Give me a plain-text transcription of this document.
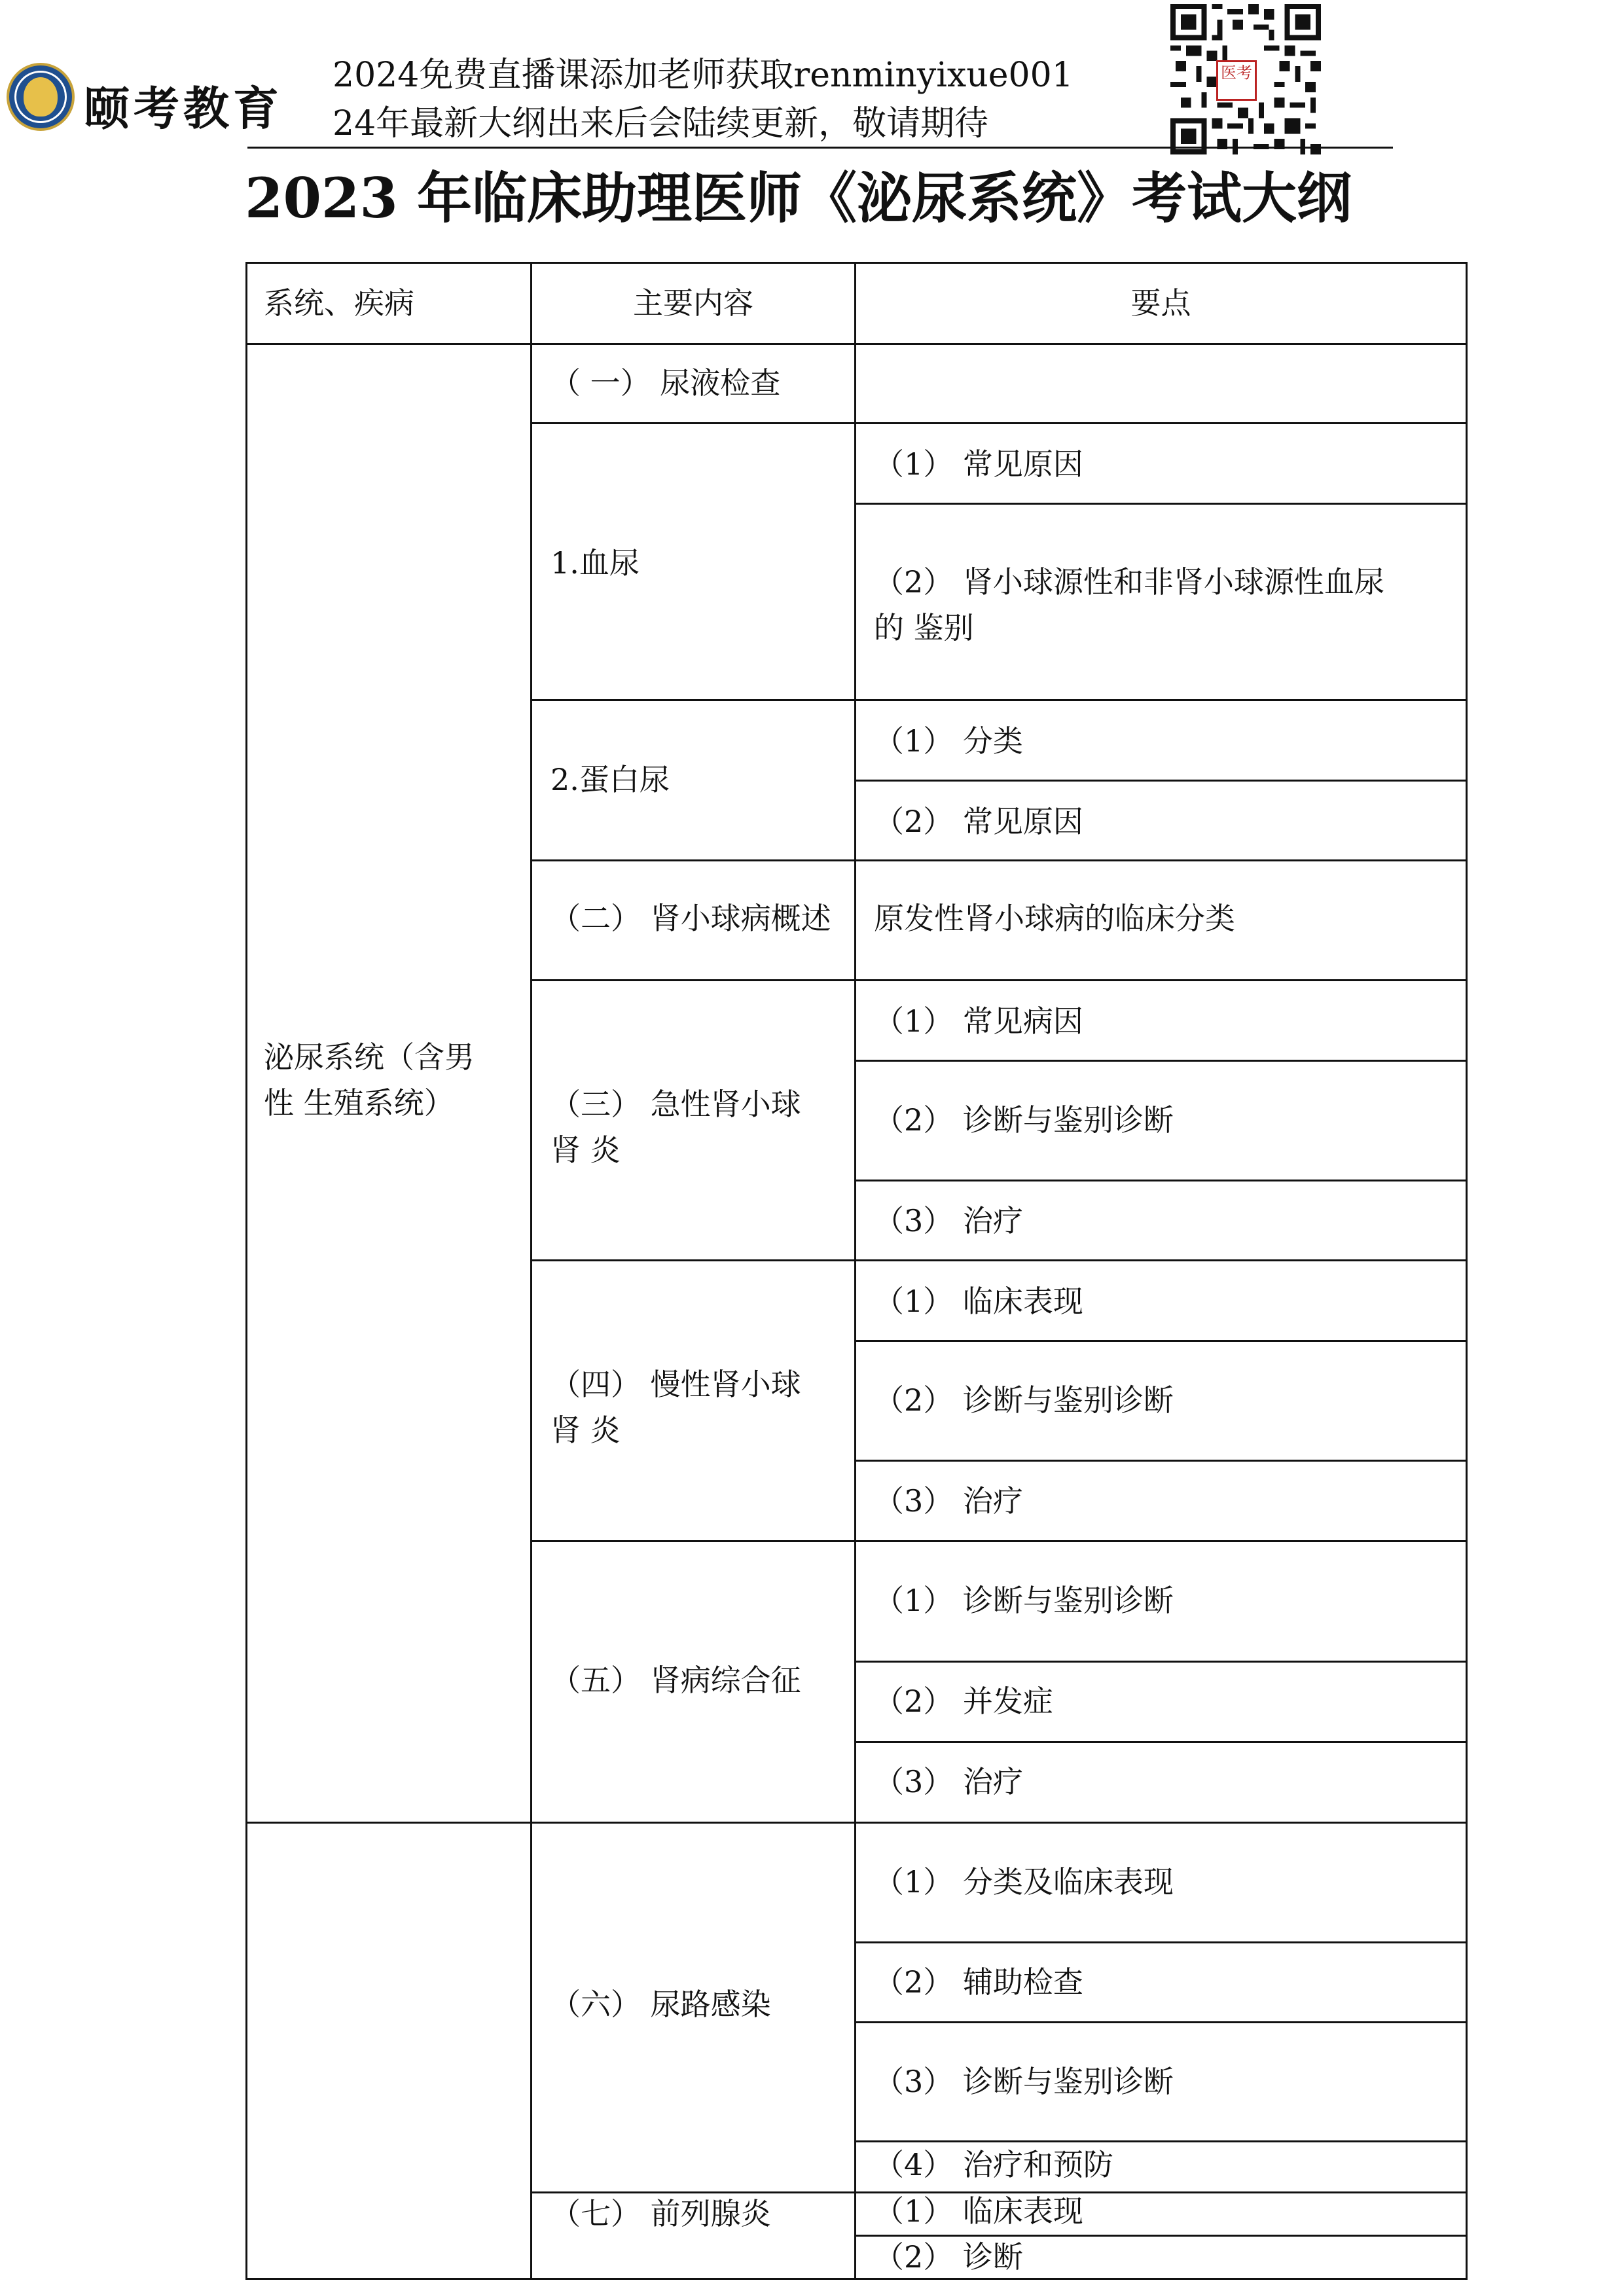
颐考教育
2024免费直播课添加老师获取renminyixue001
24年最新大纲出来后会陆续更新，敬请期待
医考
2023 年临床助理医师《泌尿系统》考试大纲
系统、疾病	主要内容	要点
泌尿系统（含男
性 生殖系统）
（ 一） 尿液检查
1.血尿
2.蛋白尿
（二） 肾小球病概述
（三） 急性肾小球
肾 炎
（四） 慢性肾小球
肾 炎
（五） 肾病综合征
（六） 尿路感染
（七） 前列腺炎
（1） 常见原因
（2） 肾小球源性和非肾小球源性血尿
的 鉴别
（1） 分类
（2） 常见原因
原发性肾小球病的临床分类
（1） 常见病因
（2） 诊断与鉴别诊断
（3） 治疗
（1） 临床表现
（2） 诊断与鉴别诊断
（3） 治疗
（1） 诊断与鉴别诊断
（2） 并发症
（3） 治疗
（1） 分类及临床表现
（2） 辅助检查
（3） 诊断与鉴别诊断
（4） 治疗和预防
（1） 临床表现
（2） 诊断
